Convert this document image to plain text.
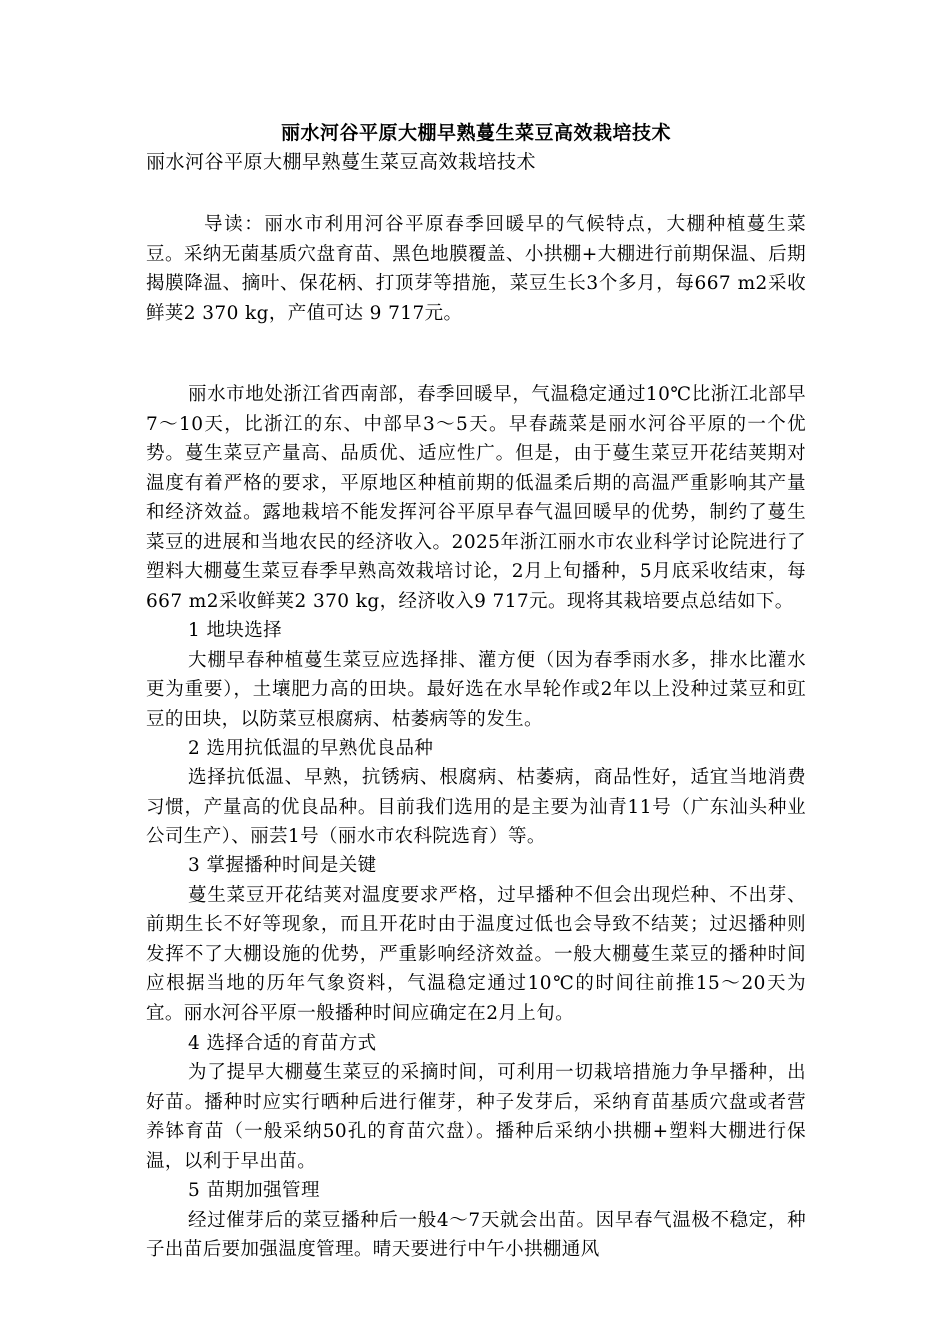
丽水河谷平原大棚早熟蔓生菜豆高效栽培技术
丽水河谷平原大棚早熟蔓生菜豆高效栽培技术
导读：丽水市利用河谷平原春季回暖早的气候特点，大棚种植蔓生菜豆。采纳无菌基质穴盘育苗、黑色地膜覆盖、小拱棚+大棚进行前期保温、后期揭膜降温、摘叶、保花柄、打顶芽等措施，菜豆生长3个多月，每667 m2采收鲜荚2 370 kg，产值可达 9 717元。

丽水市地处浙江省西南部，春季回暖早，气温稳定通过10℃比浙江北部早7～10天，比浙江的东、中部早3～5天。早春蔬菜是丽水河谷平原的一个优势。蔓生菜豆产量高、品质优、适应性广。但是，由于蔓生菜豆开花结荚期对温度有着严格的要求，平原地区种植前期的低温柔后期的高温严重影响其产量和经济效益。露地栽培不能发挥河谷平原早春气温回暖早的优势，制约了蔓生菜豆的进展和当地农民的经济收入。2025年浙江丽水市农业科学讨论院进行了塑料大棚蔓生菜豆春季早熟高效栽培讨论，2月上旬播种，5月底采收结束，每667 m2采收鲜荚2 370 kg，经济收入9 717元。现将其栽培要点总结如下。

1 地块选择

大棚早春种植蔓生菜豆应选择排、灌方便（因为春季雨水多，排水比灌水更为重要），土壤肥力高的田块。最好选在水旱轮作或2年以上没种过菜豆和豇豆的田块，以防菜豆根腐病、枯萎病等的发生。

2 选用抗低温的早熟优良品种

选择抗低温、早熟，抗锈病、根腐病、枯萎病，商品性好，适宜当地消费习惯，产量高的优良品种。目前我们选用的是主要为汕青11号（广东汕头种业公司生产）、丽芸1号（丽水市农科院选育）等。

3 掌握播种时间是关键

蔓生菜豆开花结荚对温度要求严格，过早播种不但会出现烂种、不出芽、前期生长不好等现象，而且开花时由于温度过低也会导致不结荚；过迟播种则发挥不了大棚设施的优势，严重影响经济效益。一般大棚蔓生菜豆的播种时间应根据当地的历年气象资料，气温稳定通过10℃的时间往前推15～20天为宜。丽水河谷平原一般播种时间应确定在2月上旬。

4 选择合适的育苗方式

为了提早大棚蔓生菜豆的采摘时间，可利用一切栽培措施力争早播种，出好苗。播种时应实行晒种后进行催芽，种子发芽后，采纳育苗基质穴盘或者营养钵育苗（一般采纳50孔的育苗穴盘）。播种后采纳小拱棚+塑料大棚进行保温，以利于早出苗。

5 苗期加强管理

经过催芽后的菜豆播种后一般4～7天就会出苗。因早春气温极不稳定，种子出苗后要加强温度管理。晴天要进行中午小拱棚通风
